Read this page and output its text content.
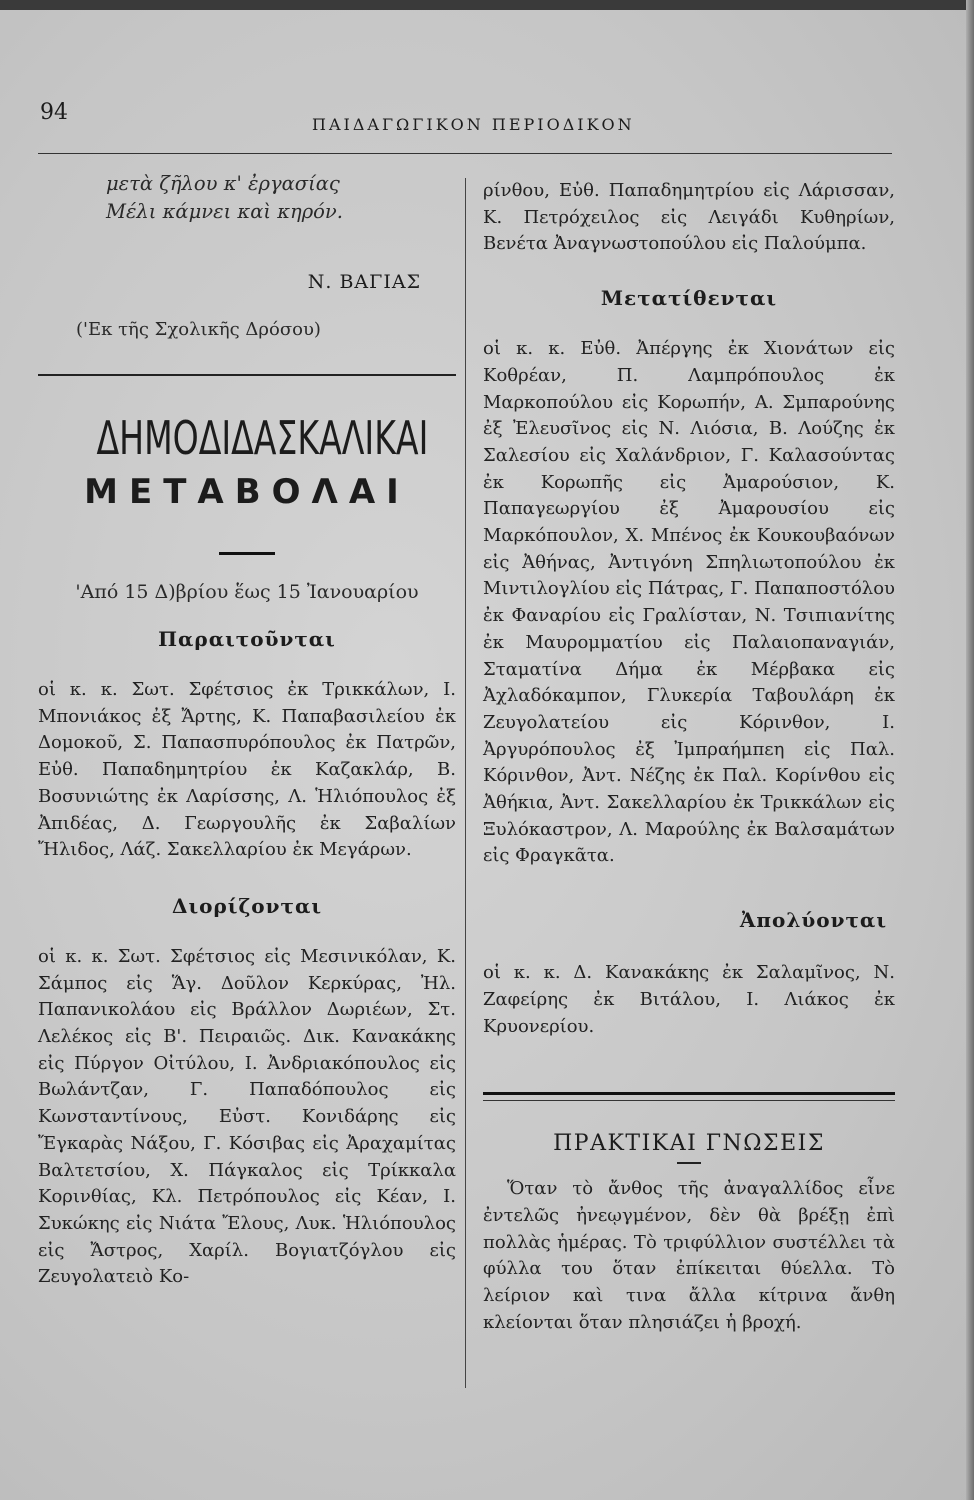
94	ΠΑΙΔΑΓΩΓΙΚΟΝ ΠΕΡΙΟΔΙΚΟΝ
μετὰ ζῆλου κ' ἐργασίας
Μέλι κάμνει καὶ κηρόν.
Ν. ΒΑΓΙΑΣ
('Εκ τῆς Σχολικῆς Δρόσου)
ΔΗΜΟΔΙΔΑΣΚΑΛΙΚΑΙ
ΜΕΤΑΒΟΛΑΙ
'Από 15 Δ)βρίου ἕως 15 Ἰανουαρίου
Παραιτοῦνται

οἱ κ. κ. Σωτ. Σφέτσιος ἐκ Τρικκάλων, Ι. Μπονιάκος ἐξ Ἄρτης, Κ. Παπαβασιλείου ἐκ Δομοκοῦ, Σ. Παπασπυρόπουλος ἐκ Πατρῶν, Εὐθ. Παπαδημητρίου ἐκ Καζακλάρ, Β. Βοσυνιώτης ἐκ Λαρίσσης, Λ. Ἡλιόπουλος ἐξ Ἀπιδέας, Δ. Γεωργουλῆς ἐκ Σαβαλίων Ἤλιδος, Λάζ. Σακελλαρίου ἐκ Μεγάρων.

Διορίζονται

οἱ κ. κ. Σωτ. Σφέτσιος εἰς Μεσινικόλαν, Κ. Σάμπος εἰς Ἅγ. Δοῦλον Κερκύρας, Ἠλ. Παπανικολάου εἰς Βράλλον Δωριέων, Στ. Λελέκος εἰς Β'. Πειραιῶς. Δικ. Κανακάκης εἰς Πύργον Οἰτύλου, Ι. Ἀνδριακόπουλος εἰς Βωλάντζαν, Γ. Παπαδόπουλος εἰς Κωνσταντίνους, Εὐστ. Κονιδάρης εἰς Ἔγκαρὰς Νάξου, Γ. Κόσιβας εἰς Ἀραχαμίτας Βαλτετσίου, Χ. Πάγκαλος εἰς Τρίκκαλα Κορινθίας, Κλ. Πετρόπουλος εἰς Κέαν, Ι. Συκώκης εἰς Νιάτα Ἔλους, Λυκ. Ἡλιόπουλος εἰς Ἄστρος, Χαρίλ. Βογιατζόγλου εἰς Ζευγολατειὸ Κο-

ρίνθου, Εὐθ. Παπαδημητρίου εἰς Λάρισσαν, Κ. Πετρόχειλος εἰς Λειγάδι Κυθηρίων, Βενέτα Ἀναγνωστοπούλου εἰς Παλούμπα.

Μετατίθενται

οἱ κ. κ. Εὐθ. Ἀπέργης ἐκ Χιονάτων εἰς Κοθρέαν, Π. Λαμπρόπουλος ἐκ Μαρκοπούλου εἰς Κορωπήν, Α. Σμπαρούνης ἐξ Ἐλευσῖνος εἰς Ν. Λιόσια, Β. Λούζης ἐκ Σαλεσίου εἰς Χαλάνδριον, Γ. Καλασούντας ἐκ Κορωπῆς εἰς Ἀμαρούσιον, Κ. Παπαγεωργίου ἐξ Ἀμαρουσίου εἰς Μαρκόπουλον, Χ. Μπένος ἐκ Κουκουβαόνων εἰς Ἀθήνας, Ἀντιγόνη Σπηλιωτοπούλου ἐκ Μιντιλογλίου εἰς Πάτρας, Γ. Παπαποστόλου ἐκ Φαναρίου εἰς Γραλίσταν, Ν. Τσιπιανίτης ἐκ Μαυρομματίου εἰς Παλαιοπαναγιάν, Σταματίνα Δήμα ἐκ Μέρβακα εἰς Ἀχλαδόκαμπον, Γλυκερία Ταβουλάρη ἐκ Ζευγολατείου εἰς Κόρινθον, Ι. Ἀργυρόπουλος ἐξ Ἰμπραήμπεη εἰς Παλ. Κόρινθον, Ἀντ. Νέζης ἐκ Παλ. Κορίνθου εἰς Ἀθήκια, Ἀντ. Σακελλαρίου ἐκ Τρικκάλων εἰς Ξυλόκαστρον, Λ. Μαρούλης ἐκ Βαλσαμάτων εἰς Φραγκᾶτα.

Ἀπολύονται

οἱ κ. κ. Δ. Κανακάκης ἐκ Σαλαμῖνος, Ν. Ζαφείρης ἐκ Βιτάλου, Ι. Λιάκος ἐκ Κρυονερίου.

ΠΡΑΚΤΙΚΑΙ ΓΝΩΣΕΙΣ

Ὅταν τὸ ἄνθος τῆς ἀναγαλλίδος εἶνε ἐντελῶς ἠνεῳγμένον, δὲν θὰ βρέξῃ ἐπὶ πολλὰς ἡμέρας. Τὸ τριφύλλιον συστέλλει τὰ φύλλα του ὅταν ἐπίκειται θύελλα. Τὸ λείριον καὶ τινα ἄλλα κίτρινα ἄνθη κλείονται ὅταν πλησιάζει ἡ βροχή.
